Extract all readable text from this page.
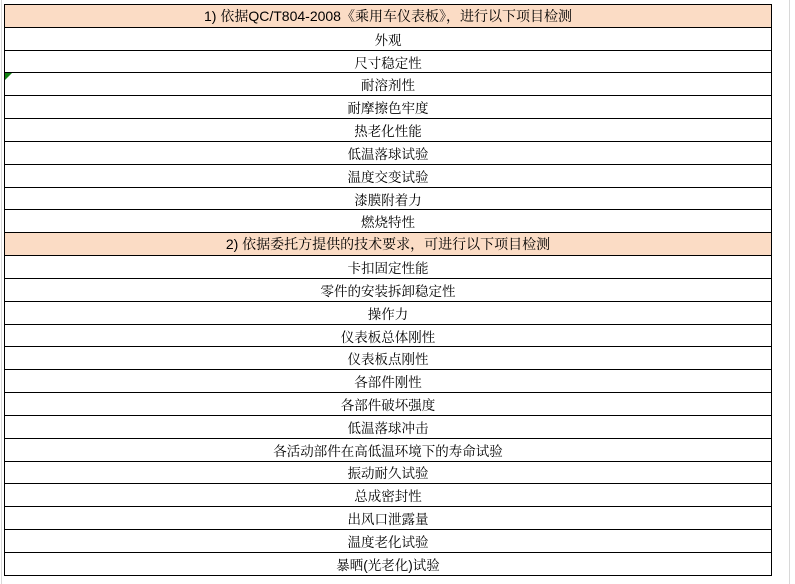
1) 依据QC/T804-2008《乘用车仪表板》，进行以下项目检测
外观
尺寸稳定性

耐溶剂性
耐摩擦色牢度
热老化性能
低温落球试验
温度交变试验
漆膜附着力
燃烧特性
2) 依据委托方提供的技术要求，可进行以下项目检测
卡扣固定性能
零件的安装拆卸稳定性
操作力
仪表板总体刚性
仪表板点刚性
各部件刚性
各部件破坏强度
低温落球冲击
各活动部件在高低温环境下的寿命试验
振动耐久试验
总成密封性
出风口泄露量
温度老化试验
暴晒(光老化)试验
